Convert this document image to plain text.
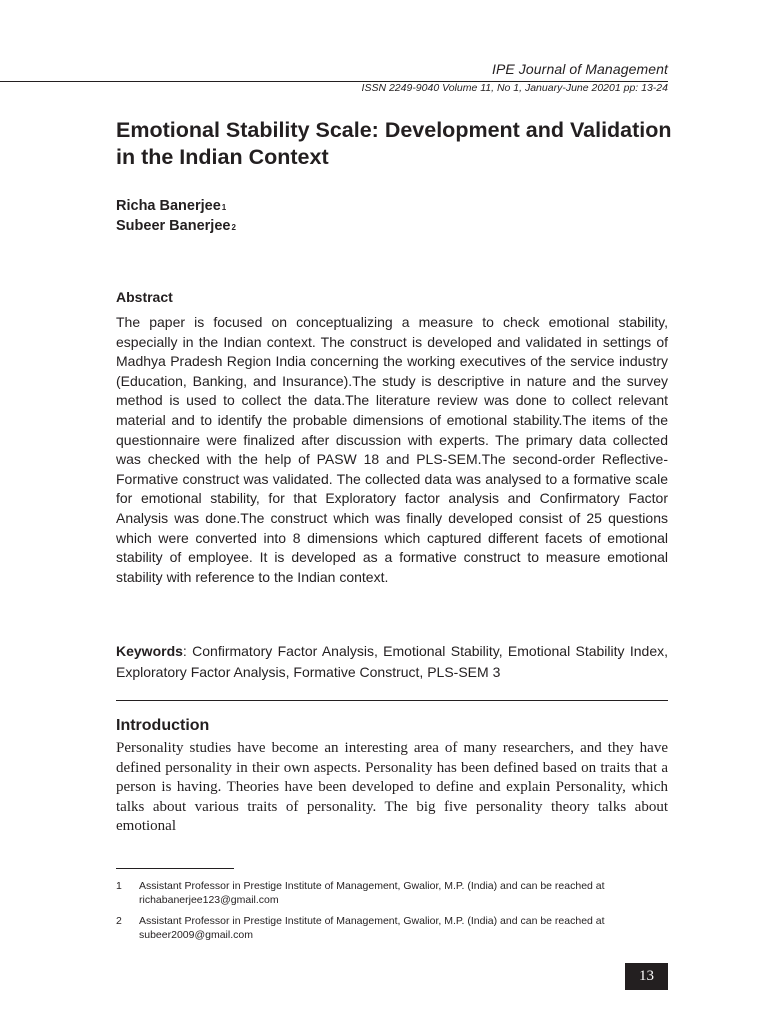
IPE Journal of Management
ISSN 2249-9040 Volume 11, No 1, January-June 20201 pp: 13-24
Emotional Stability Scale: Development and Validation in the Indian Context
Richa Banerjee$^1$
Subeer Banerjee$^2$
Abstract

The paper is focused on conceptualizing a measure to check emotional stability, especially in the Indian context. The construct is developed and validated in settings of Madhya Pradesh Region India concerning the working executives of the service industry (Education, Banking, and Insurance).The study is descriptive in nature and the survey method is used to collect the data.The literature review was done to collect relevant material and to identify the probable dimensions of emotional stability.The items of the questionnaire were finalized after discussion with experts. The primary data collected was checked with the help of PASW 18 and PLS-SEM.The second-order Reflective-Formative construct was validated. The collected data was analysed to a formative scale for emotional stability, for that Exploratory factor analysis and Confirmatory Factor Analysis was done.The construct which was finally developed consist of 25 questions which were converted into 8 dimensions which captured different facets of emotional stability of employee. It is developed as a formative construct to measure emotional stability with reference to the Indian context.

Keywords: Confirmatory Factor Analysis, Emotional Stability, Emotional Stability Index, Exploratory Factor Analysis, Formative Construct, PLS-SEM 3

Introduction

Personality studies have become an interesting area of many researchers, and they have defined personality in their own aspects. Personality has been defined based on traits that a person is having. Theories have been developed to define and explain Personality, which talks about various traits of personality. The big five personality theory talks about emotional

1 Assistant Professor in Prestige Institute of Management, Gwalior, M.P. (India) and can be reached at richabanerjee123@gmail.com
2 Assistant Professor in Prestige Institute of Management, Gwalior, M.P. (India) and can be reached at subeer2009@gmail.com
13
